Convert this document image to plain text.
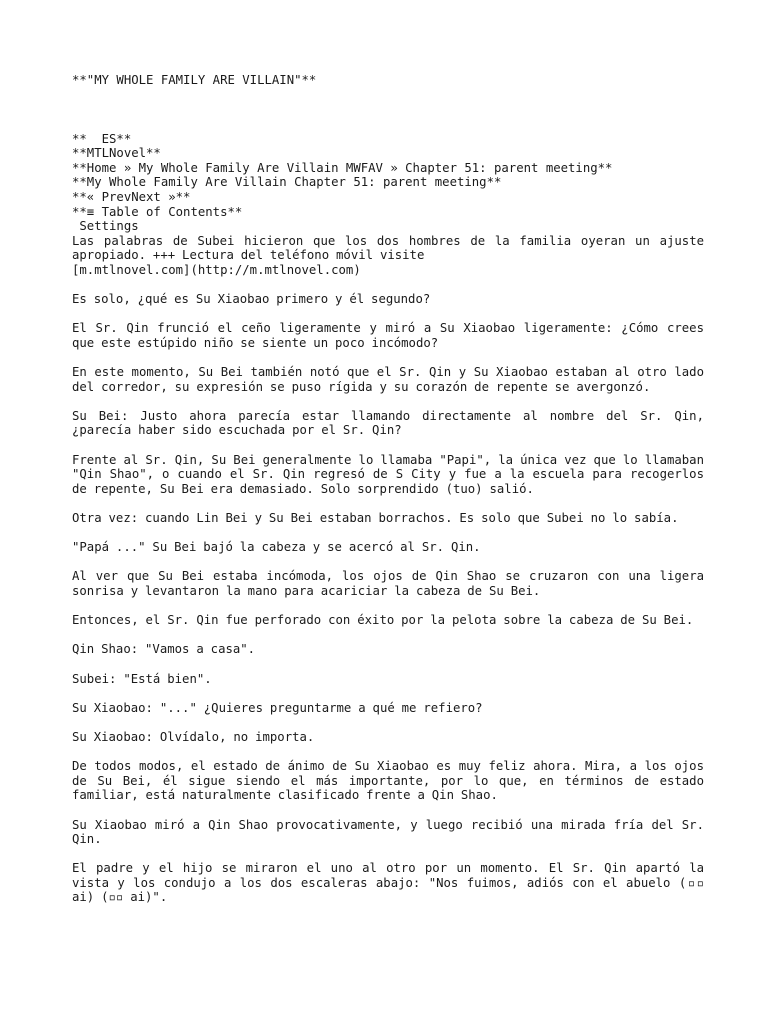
**"MY WHOLE FAMILY ARE VILLAIN"**

**  ES**
**MTLNovel**
**Home » My Whole Family Are Villain MWFAV » Chapter 51: parent meeting**
**My Whole Family Are Villain Chapter 51: parent meeting**
**« PrevNext »**
**≡ Table of Contents**
Settings

Las palabras de Subei hicieron que los dos hombres de la familia oyeran un ajuste apropiado. +++ Lectura del teléfono móvil visite
[m.mtlnovel.com](http://m.mtlnovel.com)

Es solo, ¿qué es Su Xiaobao primero y él segundo?

El Sr. Qin frunció el ceño ligeramente y miró a Su Xiaobao ligeramente: ¿Cómo crees que este estúpido niño se siente un poco incómodo?

En este momento, Su Bei también notó que el Sr. Qin y Su Xiaobao estaban al otro lado del corredor, su expresión se puso rígida y su corazón de repente se avergonzó.

Su Bei: Justo ahora parecía estar llamando directamente al nombre del Sr. Qin, ¿parecía haber sido escuchada por el Sr. Qin?

Frente al Sr. Qin, Su Bei generalmente lo llamaba "Papi", la única vez que lo llamaban "Qin Shao", o cuando el Sr. Qin regresó de S City y fue a la escuela para recogerlos de repente, Su Bei era demasiado. Solo sorprendido (tuo) salió.

Otra vez: cuando Lin Bei y Su Bei estaban borrachos. Es solo que Subei no lo sabía.

"Papá ..." Su Bei bajó la cabeza y se acercó al Sr. Qin.

Al ver que Su Bei estaba incómoda, los ojos de Qin Shao se cruzaron con una ligera sonrisa y levantaron la mano para acariciar la cabeza de Su Bei.

Entonces, el Sr. Qin fue perforado con éxito por la pelota sobre la cabeza de Su Bei.

Qin Shao: "Vamos a casa".

Subei: "Está bien".

Su Xiaobao: "..." ¿Quieres preguntarme a qué me refiero?

Su Xiaobao: Olvídalo, no importa.

De todos modos, el estado de ánimo de Su Xiaobao es muy feliz ahora. Mira, a los ojos de Su Bei, él sigue siendo el más importante, por lo que, en términos de estado familiar, está naturalmente clasificado frente a Qin Shao.

Su Xiaobao miró a Qin Shao provocativamente, y luego recibió una mirada fría del Sr. Qin.

El padre y el hijo se miraron el uno al otro por un momento. El Sr. Qin apartó la vista y los condujo a los dos escaleras abajo: "Nos fuimos, adiós con el abuelo (▫▫ ai) (▫▫ ai)".
